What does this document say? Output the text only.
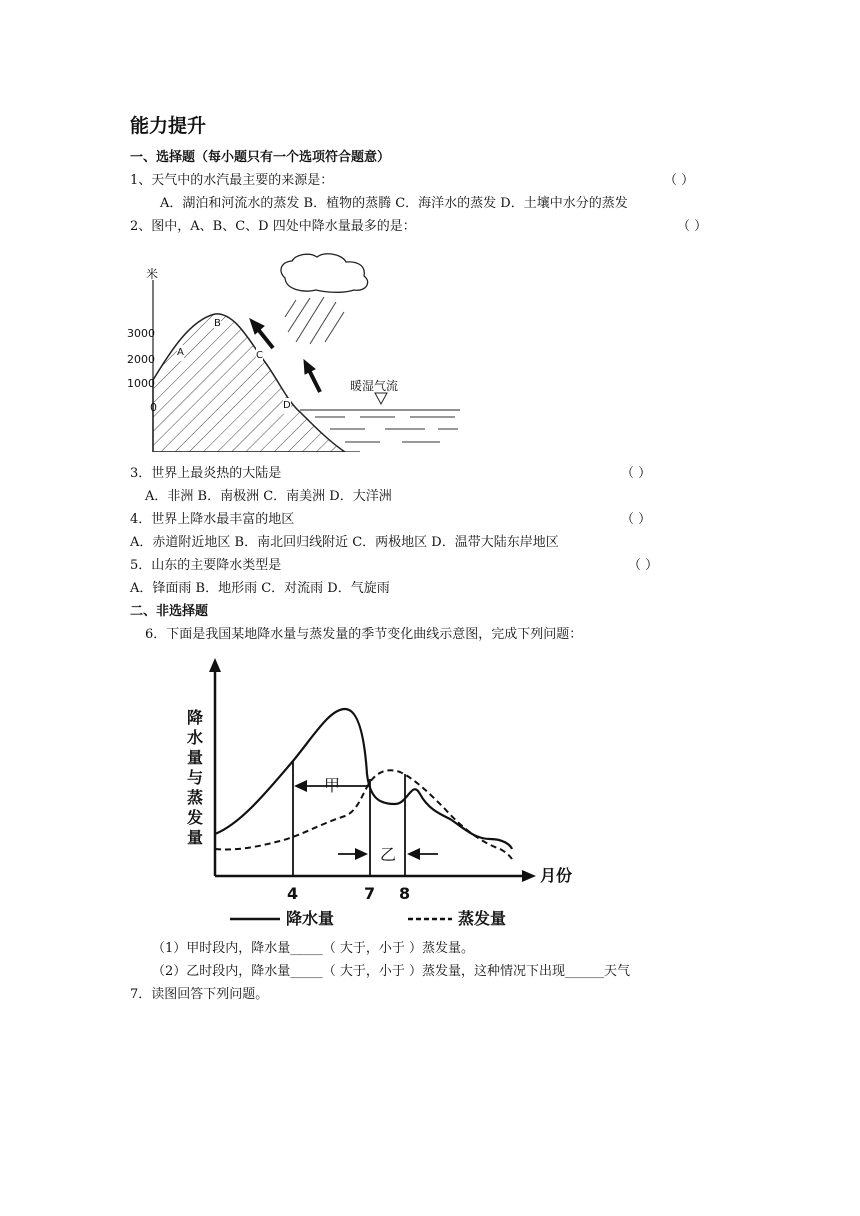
能力提升
一、选择题（每小题只有一个选项符合题意）
1、天气中的水汽最主要的来源是：	（ ）
A．湖泊和河流水的蒸发 B．植物的蒸腾 C．海洋水的蒸发 D．土壤中水分的蒸发
2、图中，A、B、C、D 四处中降水量最多的是：	（ ）
米
3000
2000
1000
0
A
B
C
D
暖湿气流
3．世界上最炎热的大陆是	（ ）
A．非洲 B．南极洲 C．南美洲 D．大洋洲
4．世界上降水最丰富的地区	（ ）
A．赤道附近地区 B．南北回归线附近 C．两极地区 D．温带大陆东岸地区
5．山东的主要降水类型是	（ ）
A．锋面雨 B．地形雨 C．对流雨 D．气旋雨
二、非选择题
6．下面是我国某地降水量与蒸发量的季节变化曲线示意图，完成下列问题：
降
水
量
与
蒸
发
量
甲
乙
4	7 8
月份
降水量	蒸发量
（1）甲时段内，降水量_____（ 大于，小于 ）蒸发量。
（2）乙时段内，降水量_____（ 大于，小于 ）蒸发量，这种情况下出现______天气
7．读图回答下列问题。
